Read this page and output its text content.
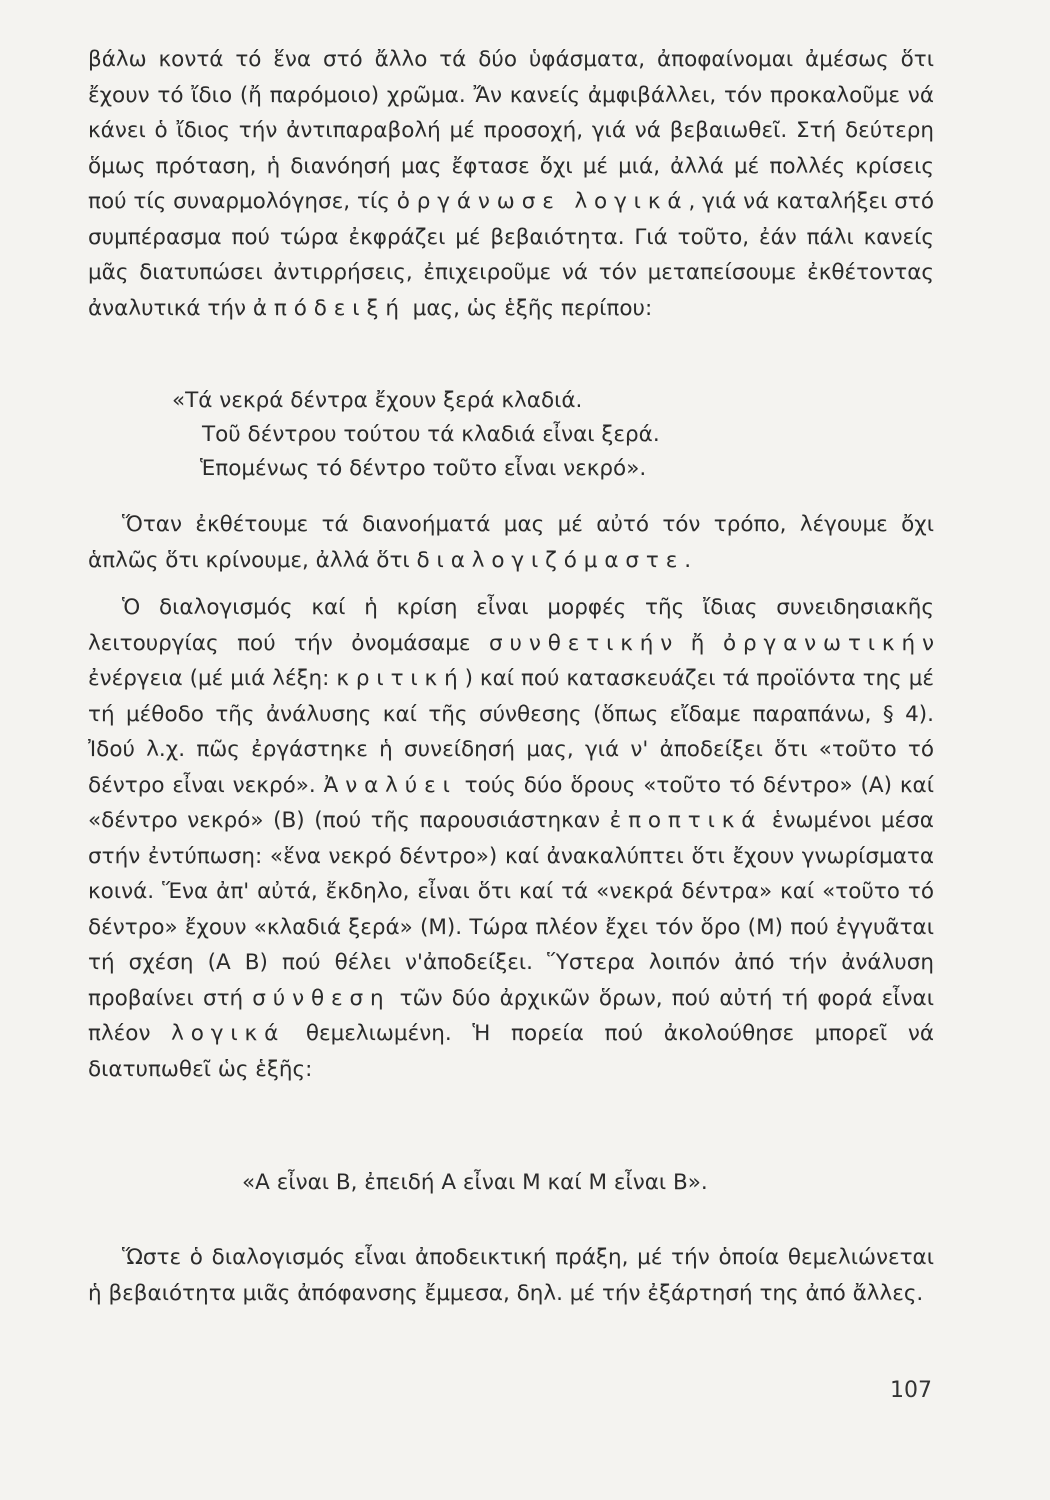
βάλω κοντά τό ἕνα στό ἄλλο τά δύο ὑφάσματα, ἀποφαίνομαι ἀμέσως ὅτι ἔχουν τό ἴδιο (ἤ παρόμοιο) χρῶμα. Ἄν κανείς ἀμφιβάλλει, τόν προκαλοῦμε νά κάνει ὁ ἴδιος τήν ἀντιπαραβολή μέ προσοχή, γιά νά βεβαιωθεῖ. Στή δεύτερη ὅμως πρόταση, ἡ διανόησή μας ἔφτασε ὄχι μέ μιά, ἀλλά μέ πολλές κρίσεις πού τίς συναρμολόγησε, τίς ὀργάνωσε λογικά, γιά νά καταλήξει στό συμπέρασμα πού τώρα ἐκφράζει μέ βεβαιότητα. Γιά τοῦτο, ἐάν πάλι κανείς μᾶς διατυπώσει ἀντιρρήσεις, ἐπιχειροῦμε νά τόν μεταπείσουμε ἐκθέτοντας ἀναλυτικά τήν ἀπόδειξή μας, ὡς ἑξῆς περίπου:

«Τά νεκρά δέντρα ἔχουν ξερά κλαδιά.
Τοῦ δέντρου τούτου τά κλαδιά εἶναι ξερά.
Ἑπομένως τό δέντρο τοῦτο εἶναι νεκρό».

Ὅταν ἐκθέτουμε τά διανοήματά μας μέ αὐτό τόν τρόπο, λέγουμε ὄχι ἁπλῶς ὅτι κρίνουμε, ἀλλά ὅτι διαλογιζόμαστε.

Ὁ διαλογισμός καί ἡ κρίση εἶναι μορφές τῆς ἴδιας συνειδησιακῆς λειτουργίας πού τήν ὀνομάσαμε συνθετικήν ἤ ὀργανωτικήν ἐνέργεια (μέ μιά λέξη: κριτική) καί πού κατασκευάζει τά προϊόντα της μέ τή μέθοδο τῆς ἀνάλυσης καί τῆς σύνθεσης (ὅπως εἴδαμε παραπάνω, § 4). Ἰδού λ.χ. πῶς ἐργάστηκε ἡ συνείδησή μας, γιά ν' ἀποδείξει ὅτι «τοῦτο τό δέντρο εἶναι νεκρό». Ἀναλύει τούς δύο ὅρους «τοῦτο τό δέντρο» (Α) καί «δέντρο νεκρό» (Β) (πού τῆς παρουσιάστηκαν ἐποπτικά ἑνωμένοι μέσα στήν ἐντύπωση: «ἕνα νεκρό δέντρο») καί ἀνακαλύπτει ὅτι ἔχουν γνωρίσματα κοινά. Ἕνα ἀπ' αὐτά, ἔκδηλο, εἶναι ὅτι καί τά «νεκρά δέντρα» καί «τοῦτο τό δέντρο» ἔχουν «κλαδιά ξερά» (Μ). Τώρα πλέον ἔχει τόν ὅρο (Μ) πού ἐγγυᾶται τή σχέση (Α Β) πού θέλει ν'ἀποδείξει. Ὕστερα λοιπόν ἀπό τήν ἀνάλυση προβαίνει στή σύνθεση τῶν δύο ἀρχικῶν ὅρων, πού αὐτή τή φορά εἶναι πλέον λογικά θεμελιωμένη. Ἡ πορεία πού ἀκολούθησε μπορεῖ νά διατυπωθεῖ ὡς ἑξῆς:

«Α εἶναι Β, ἐπειδή Α εἶναι Μ καί Μ εἶναι Β».

Ὥστε ὁ διαλογισμός εἶναι ἀποδεικτική πράξη, μέ τήν ὁποία θεμελιώνεται ἡ βεβαιότητα μιᾶς ἀπόφανσης ἔμμεσα, δηλ. μέ τήν ἐξάρτησή της ἀπό ἄλλες.

107
